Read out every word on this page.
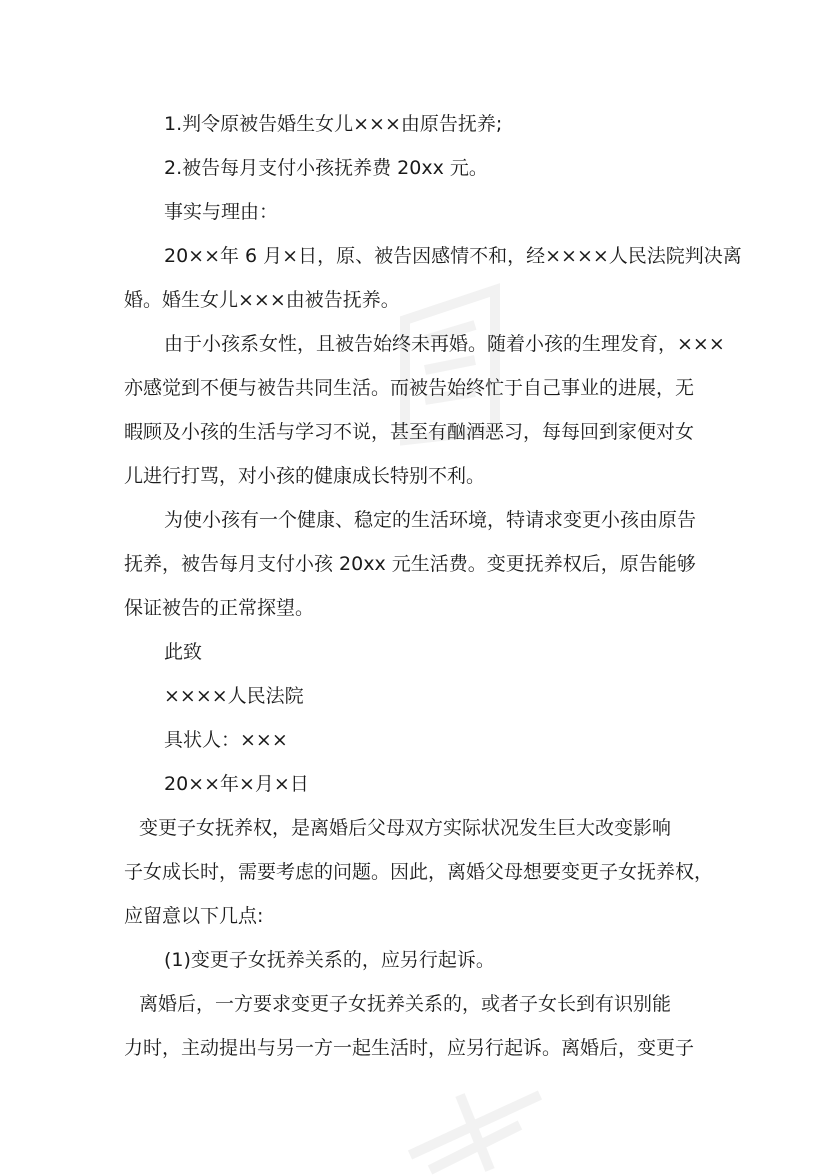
1.判令原被告婚生女儿×××由原告抚养;
2.被告每月支付小孩抚养费 20xx 元。
事实与理由：
20××年 6 月×日，原、被告因感情不和，经××××人民法院判决离
婚。婚生女儿×××由被告抚养。
由于小孩系女性，且被告始终未再婚。随着小孩的生理发育，×××
亦感觉到不便与被告共同生活。而被告始终忙于自己事业的进展，无
暇顾及小孩的生活与学习不说，甚至有酗酒恶习，每每回到家便对女
儿进行打骂，对小孩的健康成长特别不利。
为使小孩有一个健康、稳定的生活环境，特请求变更小孩由原告
抚养，被告每月支付小孩 20xx 元生活费。变更抚养权后，原告能够
保证被告的正常探望。
此致
××××人民法院
具状人：×××
20××年×月×日
变更子女抚养权，是离婚后父母双方实际状况发生巨大改变影响
子女成长时，需要考虑的问题。因此，离婚父母想要变更子女抚养权，
应留意以下几点:
(1)变更子女抚养关系的，应另行起诉。
离婚后，一方要求变更子女抚养关系的，或者子女长到有识别能
力时，主动提出与另一方一起生活时，应另行起诉。离婚后，变更子
